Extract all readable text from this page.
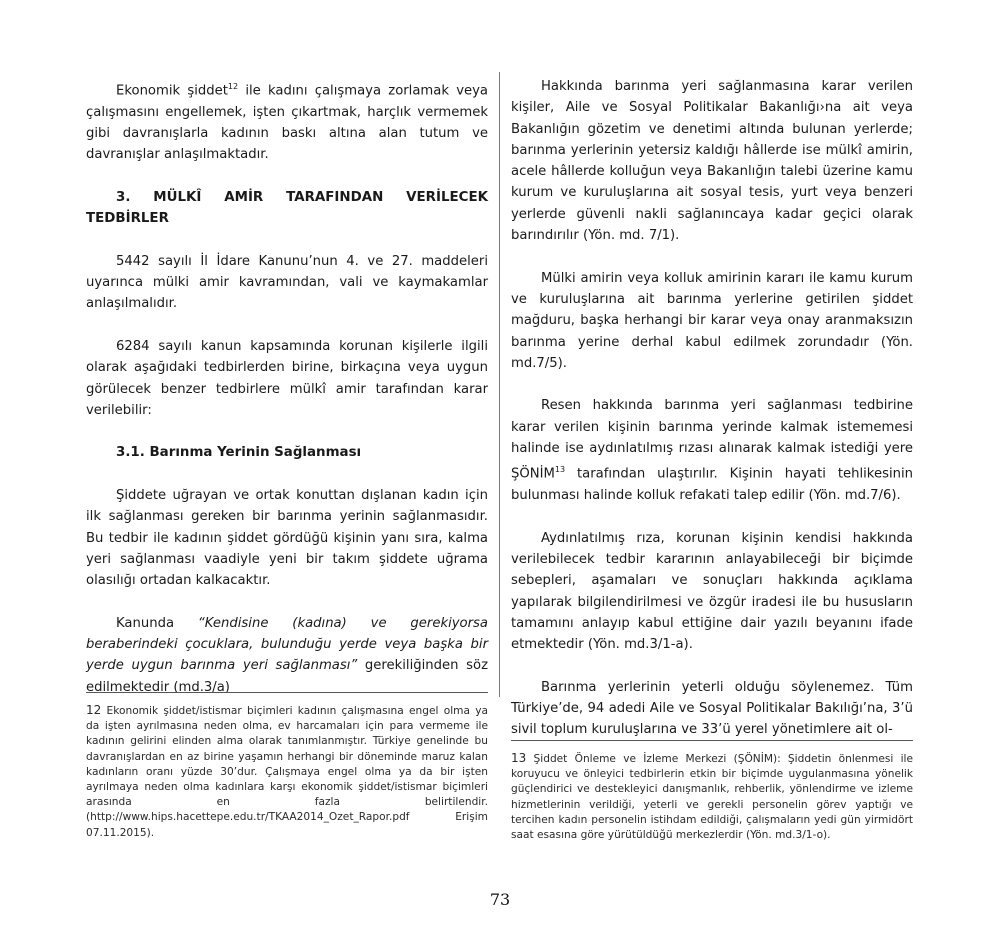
Ekonomik şiddet$^{12}$ ile kadını çalışmaya zorlamak veya çalışmasını engellemek, işten çıkartmak, harçlık vermemek gibi davranışlarla kadının baskı altına alan tutum ve davranışlar anlaşılmaktadır.

3. MÜLKÎ AMİR TARAFINDAN VERİLECEK TEDBİRLER

5442 sayılı İl İdare Kanunu’nun 4. ve 27. maddeleri uyarınca mülki amir kavramından, vali ve kaymakamlar anlaşılmalıdır.

6284 sayılı kanun kapsamında korunan kişilerle ilgili olarak aşağıdaki tedbirlerden birine, birkaçına veya uygun görülecek benzer tedbirlere mülkî amir tarafından karar verilebilir:

3.1. Barınma Yerinin Sağlanması

Şiddete uğrayan ve ortak konuttan dışlanan kadın için ilk sağlanması gereken bir barınma yerinin sağlanmasıdır. Bu tedbir ile kadının şiddet gördüğü kişinin yanı sıra, kalma yeri sağlanması vaadiyle yeni bir takım şiddete uğrama olasılığı ortadan kalkacaktır.

Kanunda “Kendisine (kadına) ve gerekiyorsa beraberindeki çocuklara, bulunduğu yerde veya başka bir yerde uygun barınma yeri sağlanması” gerekiliğinden söz edilmektedir (md.3/a)

Hakkında barınma yeri sağlanmasına karar verilen kişiler, Aile ve Sosyal Politikalar Bakanlığı›na ait veya Bakanlığın gözetim ve denetimi altında bulunan yerlerde; barınma yerlerinin yetersiz kaldığı hâllerde ise mülkî amirin, acele hâllerde kolluğun veya Bakanlığın talebi üzerine kamu kurum ve kuruluşlarına ait sosyal tesis, yurt veya benzeri yerlerde güvenli nakli sağlanıncaya kadar geçici olarak barındırılır (Yön. md. 7/1).

Mülki amirin veya kolluk amirinin kararı ile kamu kurum ve kuruluşlarına ait barınma yerlerine getirilen şiddet mağduru, başka herhangi bir karar veya onay aranmaksızın barınma yerine derhal kabul edilmek zorundadır (Yön. md.7/5).

Resen hakkında barınma yeri sağlanması tedbirine karar verilen kişinin barınma yerinde kalmak istememesi halinde ise aydınlatılmış rızası alınarak kalmak istediği yere ŞÖNİM$^{13}$ tarafından ulaştırılır. Kişinin hayati tehlikesinin bulunması halinde kolluk refakati talep edilir (Yön. md.7/6).

Aydınlatılmış rıza, korunan kişinin kendisi hakkında verilebilecek tedbir kararının anlayabileceği bir biçimde sebepleri, aşamaları ve sonuçları hakkında açıklama yapılarak bilgilendirilmesi ve özgür iradesi ile bu hususların tamamını anlayıp kabul ettiğine dair yazılı beyanını ifade etmektedir (Yön. md.3/1-a).

Barınma yerlerinin yeterli olduğu söylenemez. Tüm Türkiye’de, 94 adedi Aile ve Sosyal Politikalar Bakılığı’na, 3’ü sivil toplum kuruluşlarına ve 33’ü yerel yönetimlere ait ol-

12 Ekonomik şiddet/istismar biçimleri kadının çalışmasına engel olma ya da işten ayrılmasına neden olma, ev harcamaları için para vermeme ile kadının gelirini elinden alma olarak tanımlanmıştır. Türkiye genelinde bu davranışlardan en az birine yaşamın herhangi bir döneminde maruz kalan kadınların oranı yüzde 30’dur. Çalışmaya engel olma ya da bir işten ayrılmaya neden olma kadınlara karşı ekonomik şiddet/istismar biçimleri arasında en fazla belirtilendir. (http://www.hips.hacettepe.edu.tr/TKAA2014_Ozet_Rapor.pdf Erişim 07.11.2015).
13 Şiddet Önleme ve İzleme Merkezi (ŞÖNİM): Şiddetin önlenmesi ile koruyucu ve önleyici tedbirlerin etkin bir biçimde uygulanmasına yönelik güçlendirici ve destekleyici danışmanlık, rehberlik, yönlendirme ve izleme hizmetlerinin verildiği, yeterli ve gerekli personelin görev yaptığı ve tercihen kadın personelin istihdam edildiği, çalışmaların yedi gün yirmidört saat esasına göre yürütüldüğü merkezlerdir (Yön. md.3/1-o).
73
